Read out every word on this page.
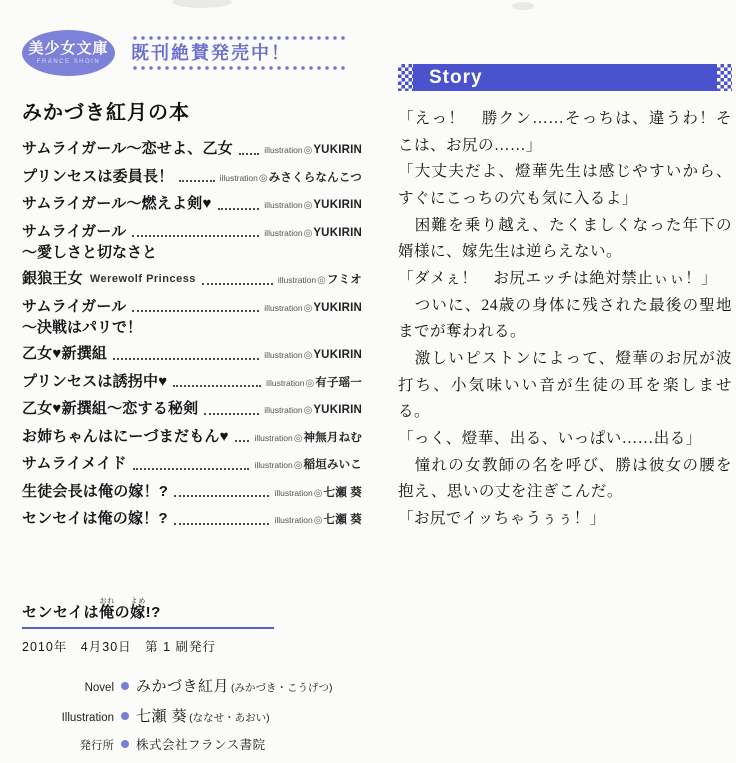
美少女文庫
FRANCE SHOIN 既刊絶賛発売中！
みかづき紅月の本
サムライガール～恋せよ、乙女	illustration◎YUKIRIN
プリンセスは委員長！	illustration◎みさくらなんこつ
サムライガール～燃えよ剣♥	illustration◎YUKIRIN
サムライガール	illustration◎YUKIRIN
～愛しさと切なさと
銀狼王女 Werewolf Princess	illustration◎フミオ
サムライガール	illustration◎YUKIRIN
～決戦はパリで！
乙女♥新撰組	illustration◎YUKIRIN
プリンセスは誘拐中♥	illustration◎有子瑶一
乙女♥新撰組～恋する秘剣	illustration◎YUKIRIN
お姉ちゃんはにーづまだもん♥	illustration◎神無月ねむ
サムライメイド	illustration◎稲垣みいこ
生徒会長は俺の嫁！?	illustration◎七瀬 葵
センセイは俺の嫁！?	illustration◎七瀬 葵
Story

「えっ！　勝クン……そっちは、違うわ！そこは、お尻の……」

「大丈夫だよ、燈華先生は感じやすいから、すぐにこっちの穴も気に入るよ」

　困難を乗り越え、たくましくなった年下の婿様に、嫁先生は逆らえない。

「ダメぇ！　お尻エッチは絶対禁止ぃぃ！」

　ついに、24歳の身体に残された最後の聖地までが奪われる。

　激しいピストンによって、燈華のお尻が波打ち、小気味いい音が生徒の耳を楽しませる。

「っく、燈華、出る、いっぱい……出る」

　憧れの女教師の名を呼び、勝は彼女の腰を抱え、思いの丈を注ぎこんだ。

「お尻でイッちゃうぅぅ！」

センセイは俺おれの嫁よめ!?
2010年　4月30日　第 1 刷発行
Novel みかづき紅月 (みかづき・こうげつ)
Illustration 七瀬 葵 (ななせ・あおい)
発行所 株式会社フランス書院
